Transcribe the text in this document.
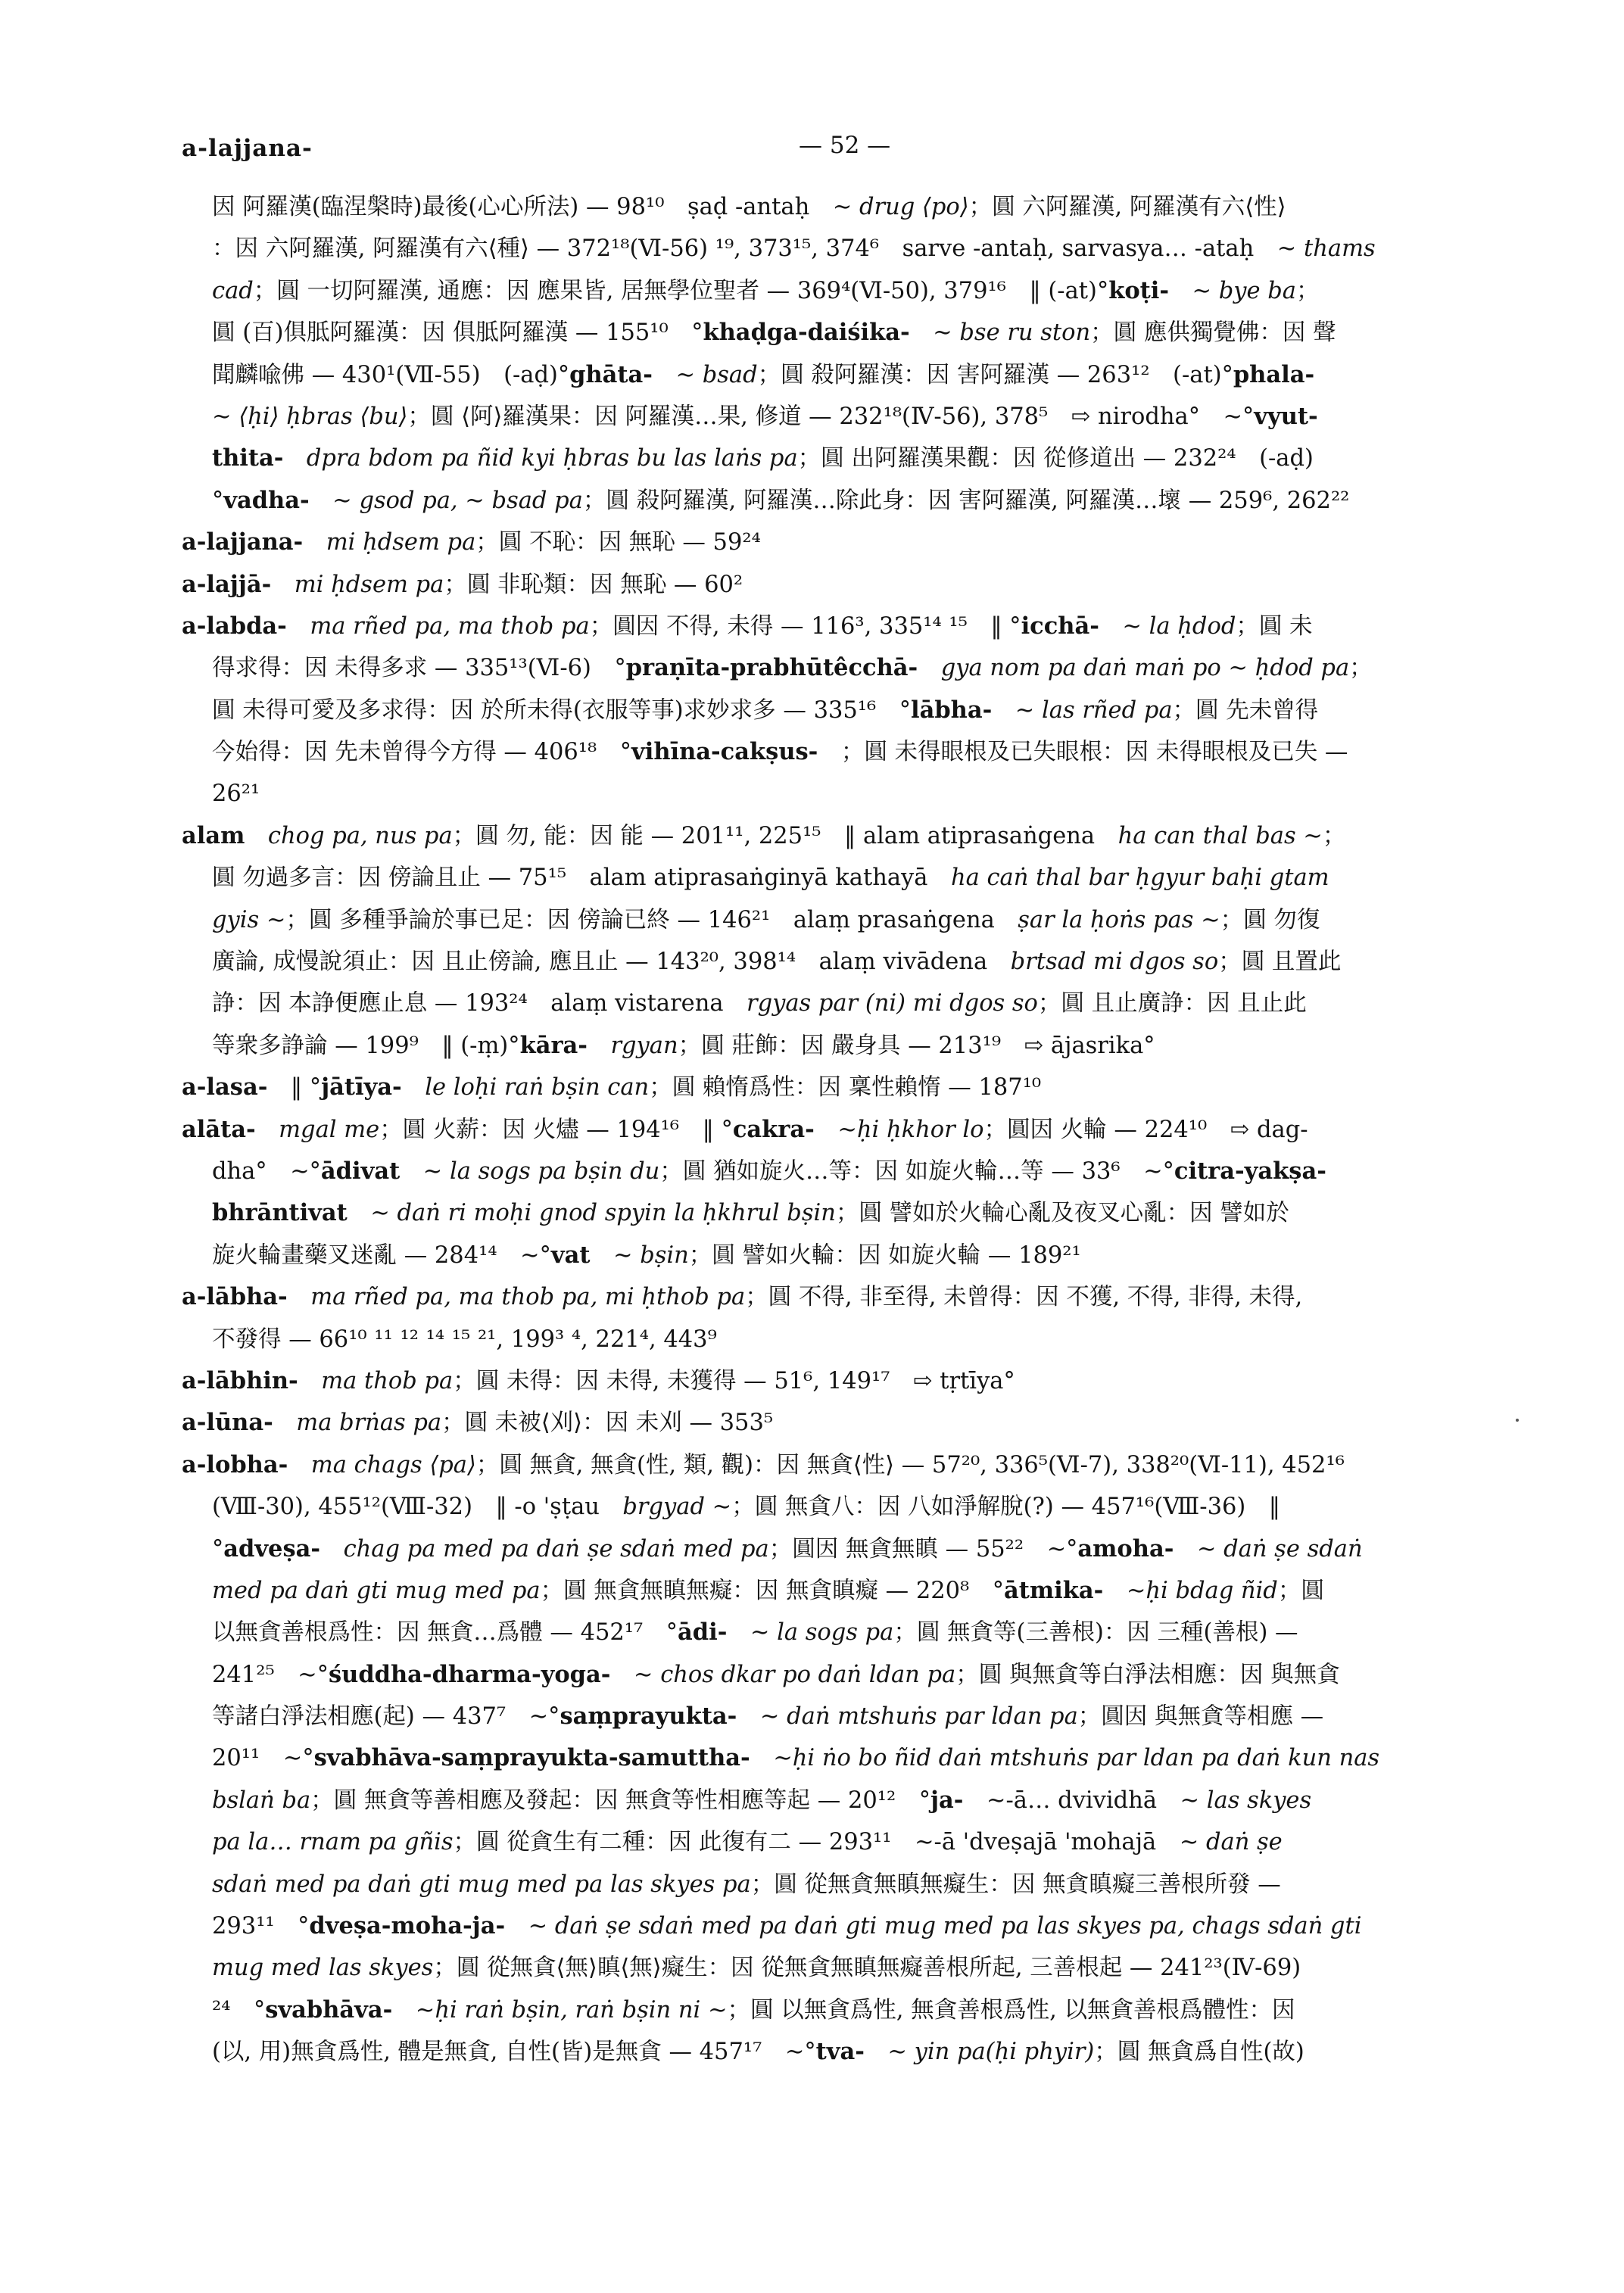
a-lajjana-	— 52 —
因 阿羅漢(臨涅槃時)最後(心心所法) — 98¹⁰　ṣaḍ -antaḥ　∼ drug ⟨po⟩；圓 六阿羅漢, 阿羅漢有六⟨性⟩
：因 六阿羅漢, 阿羅漢有六⟨種⟩ — 372¹⁸(Ⅵ-56) ¹⁹, 373¹⁵, 374⁶　sarve -antaḥ, sarvasya… -ataḥ　∼ thams
cad；圓 一切阿羅漢, 通應：因 應果皆, 居無學位聖者 — 369⁴(Ⅵ-50), 379¹⁶　‖ (-at)°koṭi-　∼ bye ba；
圓 (百)俱胝阿羅漢：因 俱胝阿羅漢 — 155¹⁰　°khaḍga-daiśika-　∼ bse ru ston；圓 應供獨覺佛：因 聲
聞麟喩佛 — 430¹(Ⅶ-55)　(-aḍ)°ghāta-　∼ bsad；圓 殺阿羅漢：因 害阿羅漢 — 263¹²　(-at)°phala-
∼ ⟨ḥi⟩ ḥbras ⟨bu⟩；圓 ⟨阿⟩羅漢果：因 阿羅漢…果, 修道 — 232¹⁸(Ⅳ-56), 378⁵　⇨ nirodha°　∼°vyut-
thita-　 dpra bdom pa ñid kyi ḥbras bu las laṅs pa；圓 出阿羅漢果觀：因 從修道出 — 232²⁴　(-aḍ)
°vadha-　∼ gsod pa, ∼ bsad pa；圓 殺阿羅漢, 阿羅漢…除此身：因 害阿羅漢, 阿羅漢…壞 — 259⁶, 262²²
a-lajjana-　 mi ḥdsem pa；圓 不恥：因 無恥 — 59²⁴
a-lajjā-　 mi ḥdsem pa；圓 非恥類：因 無恥 — 60²
a-labda-　 ma rñed pa, ma thob pa；圓因 不得, 未得 — 116³, 335¹⁴ ¹⁵　‖ °icchā-　∼ la ḥdod；圓 未
得求得：因 未得多求 — 335¹³(Ⅵ-6)　°praṇīta-prabhūtêcchā-　 gya nom pa daṅ maṅ po ∼ ḥdod pa；
圓 未得可愛及多求得：因 於所未得(衣服等事)求妙求多 — 335¹⁶　°lābha-　∼ las rñed pa；圓 先未曾得
今始得：因 先未曾得今方得 — 406¹⁸　°vihīna-cakṣus-　；圓 未得眼根及已失眼根：因 未得眼根及已失 —
26²¹
alam　 chog pa, nus pa；圓 勿, 能：因 能 — 201¹¹, 225¹⁵　‖ alam atiprasaṅgena　ha can thal bas ∼；
圓 勿過多言：因 傍論且止 — 75¹⁵　alam atiprasaṅginyā kathayā　ha caṅ thal bar ḥgyur baḥi gtam
gyis ∼；圓 多種爭論於事已足：因 傍論已終 — 146²¹　alaṃ prasaṅgena　ṣar la ḥoṅs pas ∼；圓 勿復
廣論, 成慢說須止：因 且止傍論, 應且止 — 143²⁰, 398¹⁴　alaṃ vivādena　brtsad mi dgos so；圓 且置此
諍：因 本諍便應止息 — 193²⁴　alaṃ vistarena　rgyas par (ni) mi dgos so；圓 且止廣諍：因 且止此
等衆多諍論 — 199⁹　‖ (-ṃ)°kāra-　 rgyan；圓 莊飾：因 嚴身具 — 213¹⁹　⇨ ājasrika°
a-lasa-　‖ °jātīya-　 le loḥi raṅ bṣin can；圓 賴惰爲性：因 稟性賴惰 — 187¹⁰
alāta-　 mgal me；圓 火薪：因 火燼 — 194¹⁶　‖ °cakra-　 ∼ḥi ḥkhor lo；圓因 火輪 — 224¹⁰　⇨ dag-
dha°　∼°ādivat　∼ la sogs pa bṣin du；圓 猶如旋火…等：因 如旋火輪…等 — 33⁶　∼°citra-yakṣa-
bhrāntivat　∼ daṅ ri moḥi gnod spyin la ḥkhrul bṣin；圓 譬如於火輪心亂及夜叉心亂：因 譬如於
旋火輪畫藥叉迷亂 — 284¹⁴　∼°vat　∼ bṣin；圓 譬如火輪：因 如旋火輪 — 189²¹
a-lābha-　 ma rñed pa, ma thob pa, mi ḥthob pa；圓 不得, 非至得, 未曾得：因 不獲, 不得, 非得, 未得,
不發得 — 66¹⁰ ¹¹ ¹² ¹⁴ ¹⁵ ²¹, 199³ ⁴, 221⁴, 443⁹
a-lābhin-　 ma thob pa；圓 未得：因 未得, 未獲得 — 51⁶, 149¹⁷　⇨ tṛtīya°
a-lūna-　 ma brṅas pa；圓 未被⟨刈⟩：因 未刈 — 353⁵
a-lobha-　 ma chags ⟨pa⟩；圓 無貪, 無貪(性, 類, 觀)：因 無貪⟨性⟩ — 57²⁰, 336⁵(Ⅵ-7), 338²⁰(Ⅵ-11), 452¹⁶
(Ⅷ-30), 455¹²(Ⅷ-32)　‖ -o 'ṣṭau　brgyad ∼；圓 無貪八：因 八如淨解脫(?) — 457¹⁶(Ⅷ-36)　‖
°adveṣa-　 chag pa med pa daṅ ṣe sdaṅ med pa；圓因 無貪無瞋 — 55²²　∼°amoha-　∼ daṅ ṣe sdaṅ
med pa daṅ gti mug med pa；圓 無貪無瞋無癡：因 無貪瞋癡 — 220⁸　°ātmika-　 ∼ḥi bdag ñid；圓
以無貪善根爲性：因 無貪…爲體 — 452¹⁷　°ādi-　∼ la sogs pa；圓 無貪等(三善根)：因 三種(善根) —
241²⁵　∼°śuddha-dharma-yoga-　∼ chos dkar po daṅ ldan pa；圓 與無貪等白淨法相應：因 與無貪
等諸白淨法相應(起) — 437⁷　∼°saṃprayukta-　∼ daṅ mtshuṅs par ldan pa；圓因 與無貪等相應 —
20¹¹　∼°svabhāva-saṃprayukta-samuttha-　 ∼ḥi ṅo bo ñid daṅ mtshuṅs par ldan pa daṅ kun nas
bslaṅ ba；圓 無貪等善相應及發起：因 無貪等性相應等起 — 20¹²　°ja-　∼-ā… dvividhā　∼ las skyes
pa la… rnam pa gñis；圓 從貪生有二種：因 此復有二 — 293¹¹　∼-ā 'dveṣajā 'mohajā　∼ daṅ ṣe
sdaṅ med pa daṅ gti mug med pa las skyes pa；圓 從無貪無瞋無癡生：因 無貪瞋癡三善根所發 —
293¹¹　°dveṣa-moha-ja-　∼ daṅ ṣe sdaṅ med pa daṅ gti mug med pa las skyes pa, chags sdaṅ gti
mug med las skyes；圓 從無貪⟨無⟩瞋⟨無⟩癡生：因 從無貪無瞋無癡善根所起, 三善根起 — 241²³(Ⅳ-69)
²⁴　°svabhāva-　 ∼ḥi raṅ bṣin, raṅ bṣin ni ∼；圓 以無貪爲性, 無貪善根爲性, 以無貪善根爲體性：因
(以, 用)無貪爲性, 體是無貪, 自性(皆)是無貪 — 457¹⁷　∼°tva-　∼ yin pa(ḥi phyir)；圓 無貪爲自性(故)
